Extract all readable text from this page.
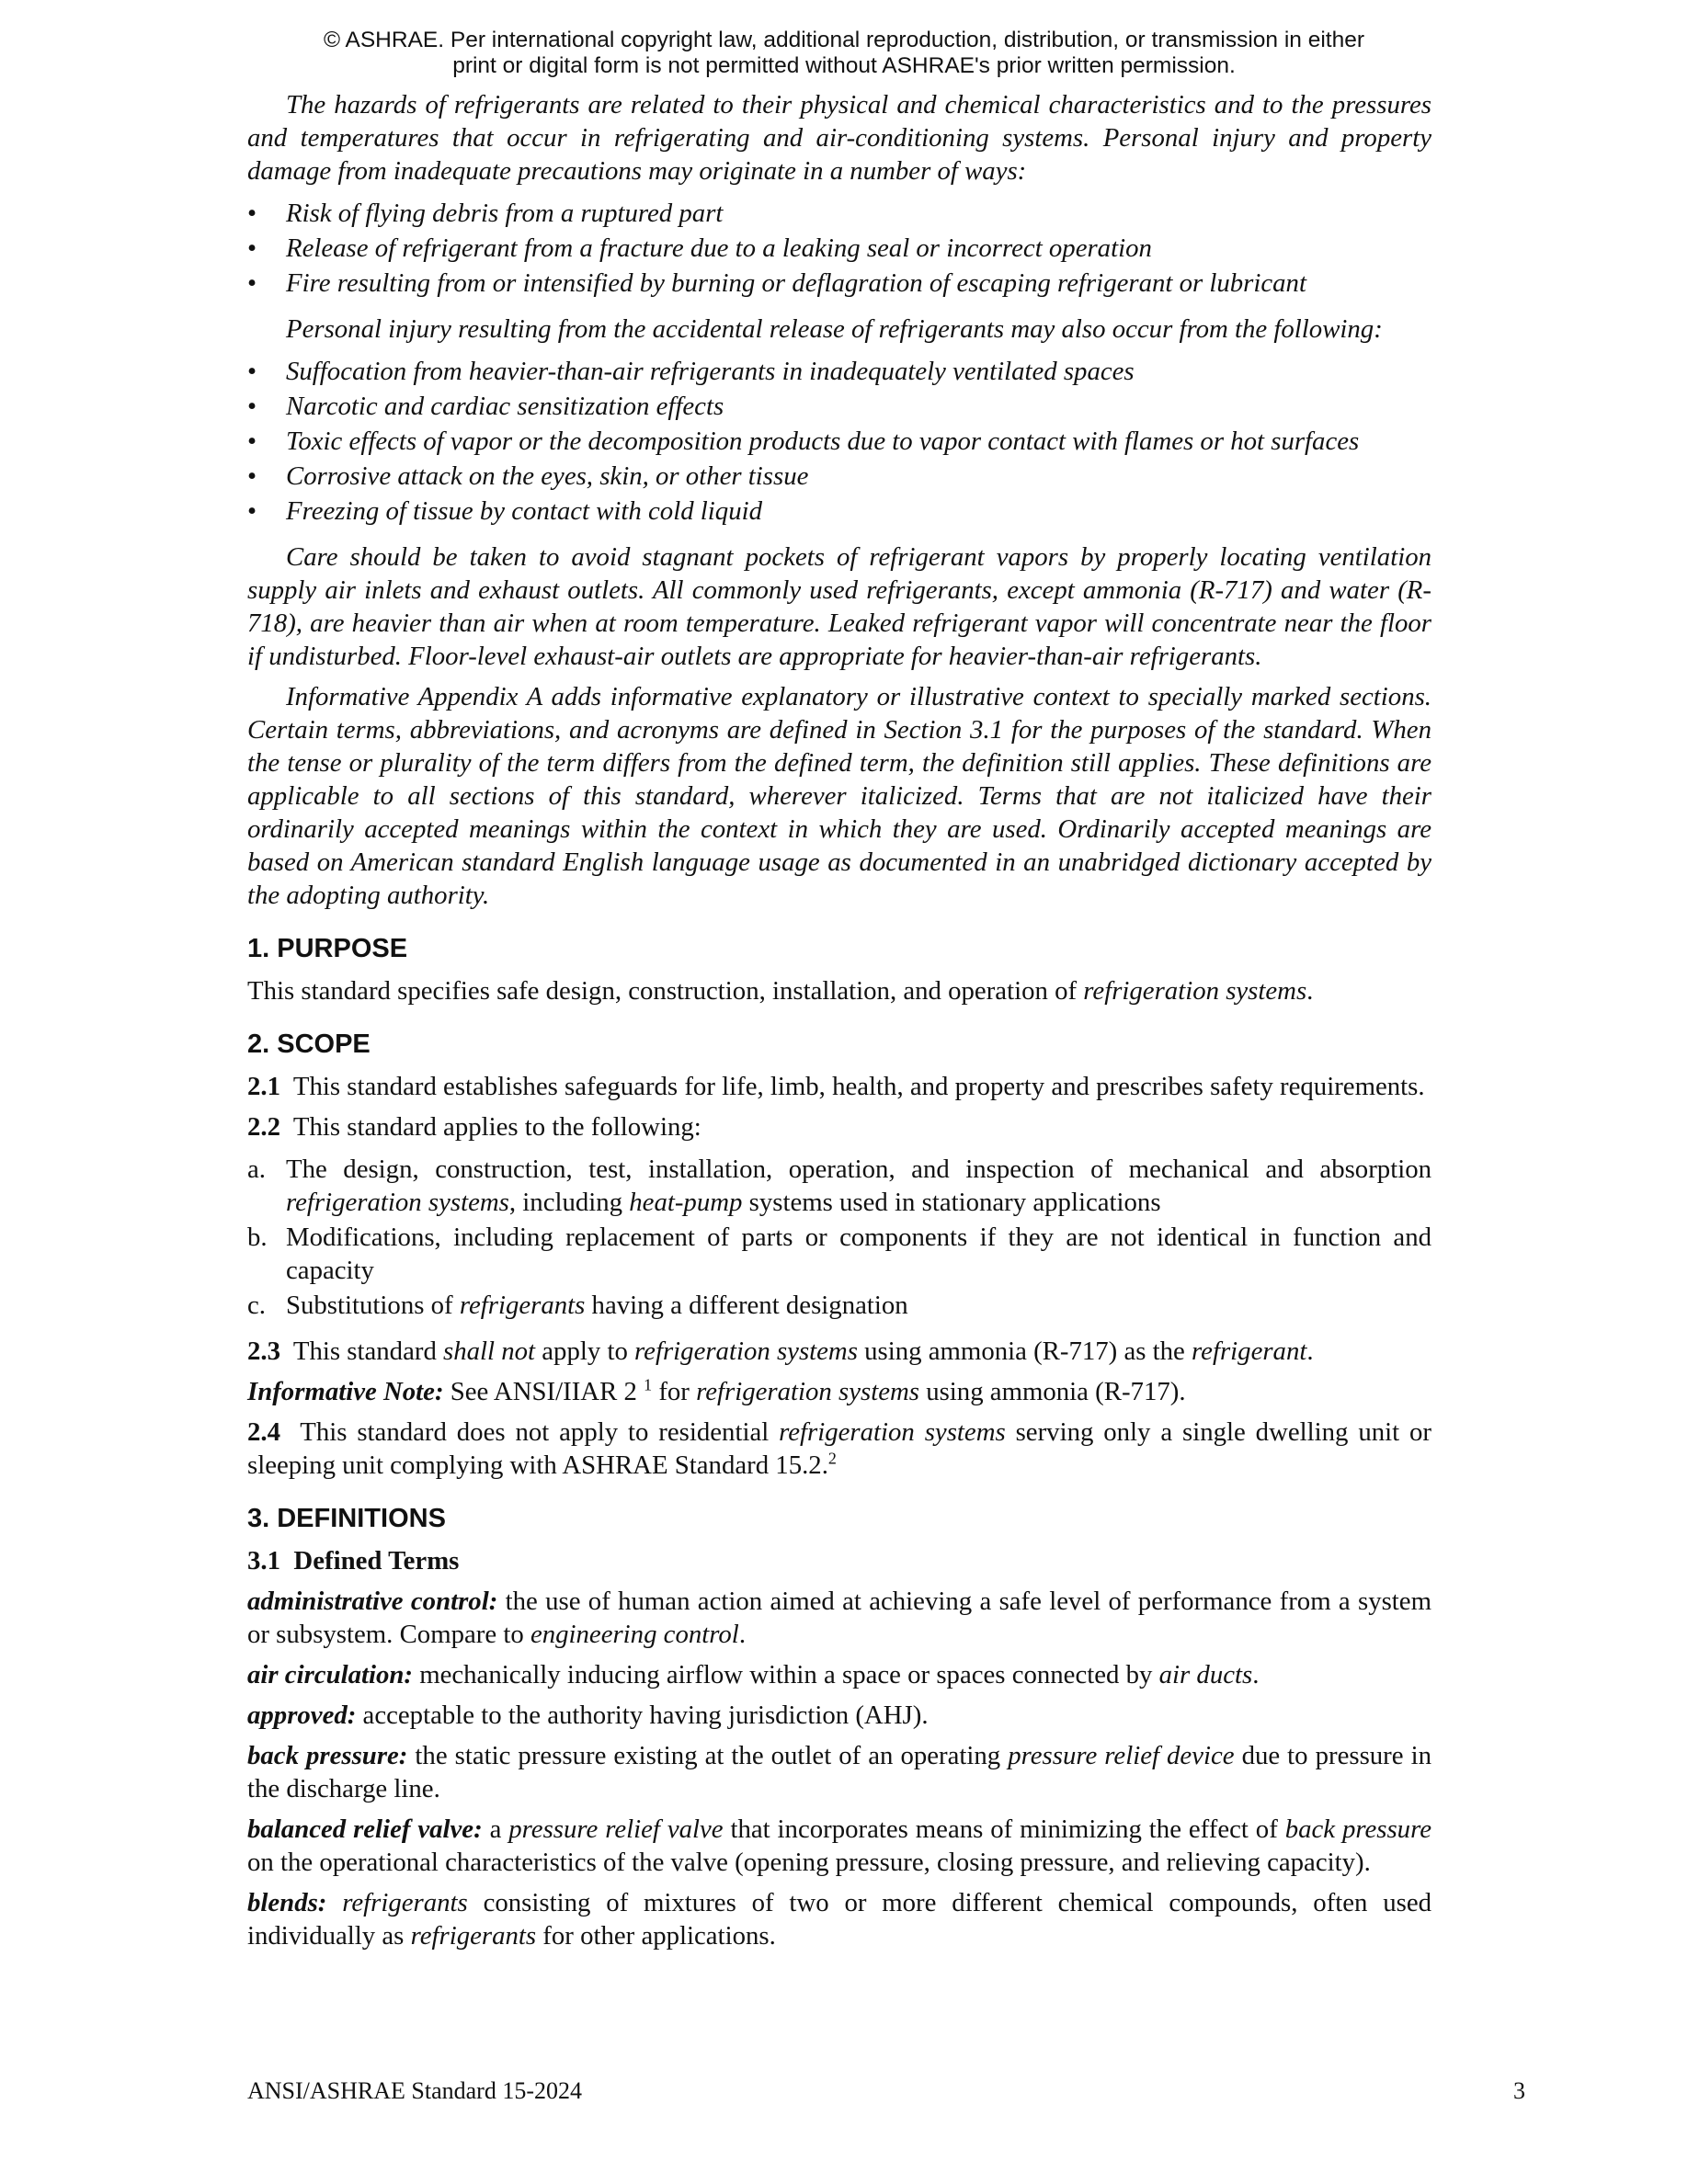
© ASHRAE. Per international copyright law, additional reproduction, distribution, or transmission in either
print or digital form is not permitted without ASHRAE's prior written permission.

The hazards of refrigerants are related to their physical and chemical characteristics and to the pressures and temperatures that occur in refrigerating and air-conditioning systems. Personal injury and property damage from inadequate precautions may originate in a number of ways:

• Risk of flying debris from a ruptured part
• Release of refrigerant from a fracture due to a leaking seal or incorrect operation
• Fire resulting from or intensified by burning or deflagration of escaping refrigerant or lubricant

Personal injury resulting from the accidental release of refrigerants may also occur from the following:

• Suffocation from heavier-than-air refrigerants in inadequately ventilated spaces
• Narcotic and cardiac sensitization effects
• Toxic effects of vapor or the decomposition products due to vapor contact with flames or hot surfaces
• Corrosive attack on the eyes, skin, or other tissue
• Freezing of tissue by contact with cold liquid

Care should be taken to avoid stagnant pockets of refrigerant vapors by properly locating ventilation supply air inlets and exhaust outlets. All commonly used refrigerants, except ammonia (R-717) and water (R-718), are heavier than air when at room temperature. Leaked refrigerant vapor will concentrate near the floor if undisturbed. Floor-level exhaust-air outlets are appropriate for heavier-than-air refrigerants.

Informative Appendix A adds informative explanatory or illustrative context to specially marked sections. Certain terms, abbreviations, and acronyms are defined in Section 3.1 for the purposes of the standard. When the tense or plurality of the term differs from the defined term, the definition still applies. These definitions are applicable to all sections of this standard, wherever italicized. Terms that are not italicized have their ordinarily accepted meanings within the context in which they are used. Ordinarily accepted meanings are based on American standard English language usage as documented in an unabridged dictionary accepted by the adopting authority.

1. PURPOSE

This standard specifies safe design, construction, installation, and operation of refrigeration systems.

2. SCOPE

2.1 This standard establishes safeguards for life, limb, health, and property and prescribes safety requirements.

2.2 This standard applies to the following:

a. The design, construction, test, installation, operation, and inspection of mechanical and absorption refrigeration systems, including heat-pump systems used in stationary applications
b. Modifications, including replacement of parts or components if they are not identical in function and capacity
c. Substitutions of refrigerants having a different designation

2.3 This standard shall not apply to refrigeration systems using ammonia (R-717) as the refrigerant.

Informative Note: See ANSI/IIAR 2 $^1$ for refrigeration systems using ammonia (R-717).

2.4 This standard does not apply to residential refrigeration systems serving only a single dwelling unit or sleeping unit complying with ASHRAE Standard 15.2.$^2$

3. DEFINITIONS
3.1 Defined Terms

administrative control: the use of human action aimed at achieving a safe level of performance from a system or subsystem. Compare to engineering control.

air circulation: mechanically inducing airflow within a space or spaces connected by air ducts.

approved: acceptable to the authority having jurisdiction (AHJ).

back pressure: the static pressure existing at the outlet of an operating pressure relief device due to pressure in the discharge line.

balanced relief valve: a pressure relief valve that incorporates means of minimizing the effect of back pressure on the operational characteristics of the valve (opening pressure, closing pressure, and relieving capacity).

blends: refrigerants consisting of mixtures of two or more different chemical compounds, often used individually as refrigerants for other applications.

ANSI/ASHRAE Standard 15-2024	3
